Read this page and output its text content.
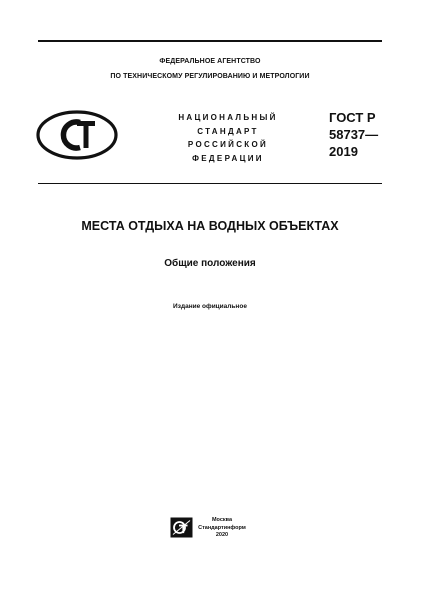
ФЕДЕРАЛЬНОЕ АГЕНТСТВО
ПО ТЕХНИЧЕСКОМУ РЕГУЛИРОВАНИЮ И МЕТРОЛОГИИ
НАЦИОНАЛЬНЫЙ
СТАНДАРТ
РОССИЙСКОЙ
ФЕДЕРАЦИИ
ГОСТ Р
58737—
2019
МЕСТА ОТДЫХА НА ВОДНЫХ ОБЪЕКТАХ
Общие положения
Издание официальное
Москва
Стандартинформ
2020
